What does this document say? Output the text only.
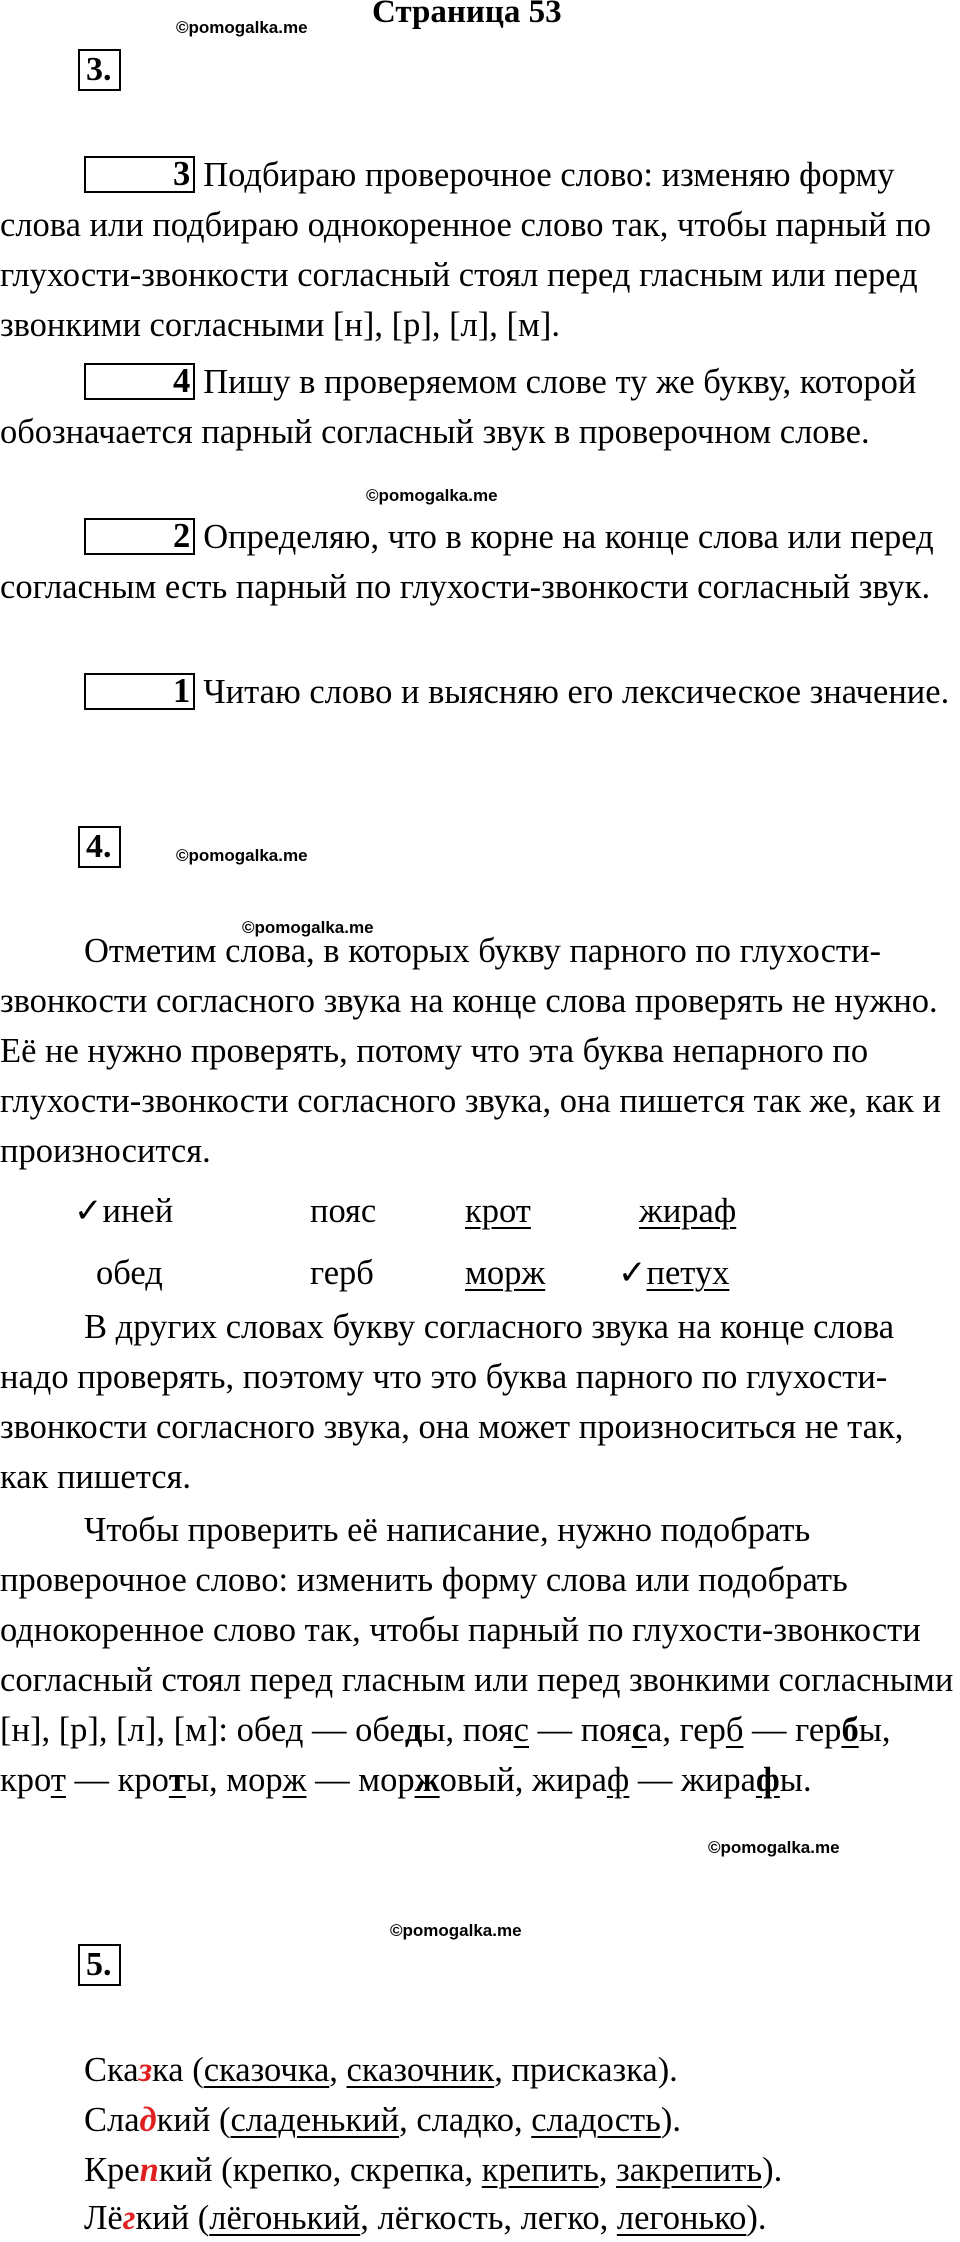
©pomogalka.me Страница 53
3.

3 Подбираю проверочное слово: изменяю форму слова или подбираю однокоренное слово так, чтобы парный по глухости-звонкости согласный стоял перед гласным или перед звонкими согласными [н], [р], [л], [м].

4 Пишу в проверяемом слове ту же букву, которой обозначается парный согласный звук в проверочном слове.

©pomogalka.me

2 Определяю, что в корне на конце слова или перед согласным есть парный по глухости-звонкости согласный звук.

1 Читаю слово и выясняю его лексическое значение.

4.	©pomogalka.me
©pomogalka.me

Отметим слова, в которых букву парного по глухости-звонкости согласного звука на конце слова проверять не нужно. Её не нужно проверять, потому что эта буква непарного по глухости-звонкости согласного звука, она пишется так же, как и произносится.

✓иней	пояс	крот	жираф
обед	герб	морж ✓петух

В других словах букву согласного звука на конце слова надо проверять, поэтому что это буква парного по глухости-звонкости согласного звука, она может произноситься не так, как пишется.

Чтобы проверить её написание, нужно подобрать проверочное слово: изменить форму слова или подобрать однокоренное слово так, чтобы парный по глухости-звонкости согласный стоял перед гласным или перед звонкими согласными [н], [р], [л], [м]: обед — обеды, пояс — пояса, герб — гербы, крот — кроты, морж — моржовый, жираф — жирафы.

©pomogalka.me
©pomogalka.me
5.
Сказка (сказочка, сказочник, присказка).
Сладкий (сладенький, сладко, сладость).
Крепкий (крепко, скрепка, крепить, закрепить).
Лёгкий (лёгонький, лёгкость, легко, легонько).
